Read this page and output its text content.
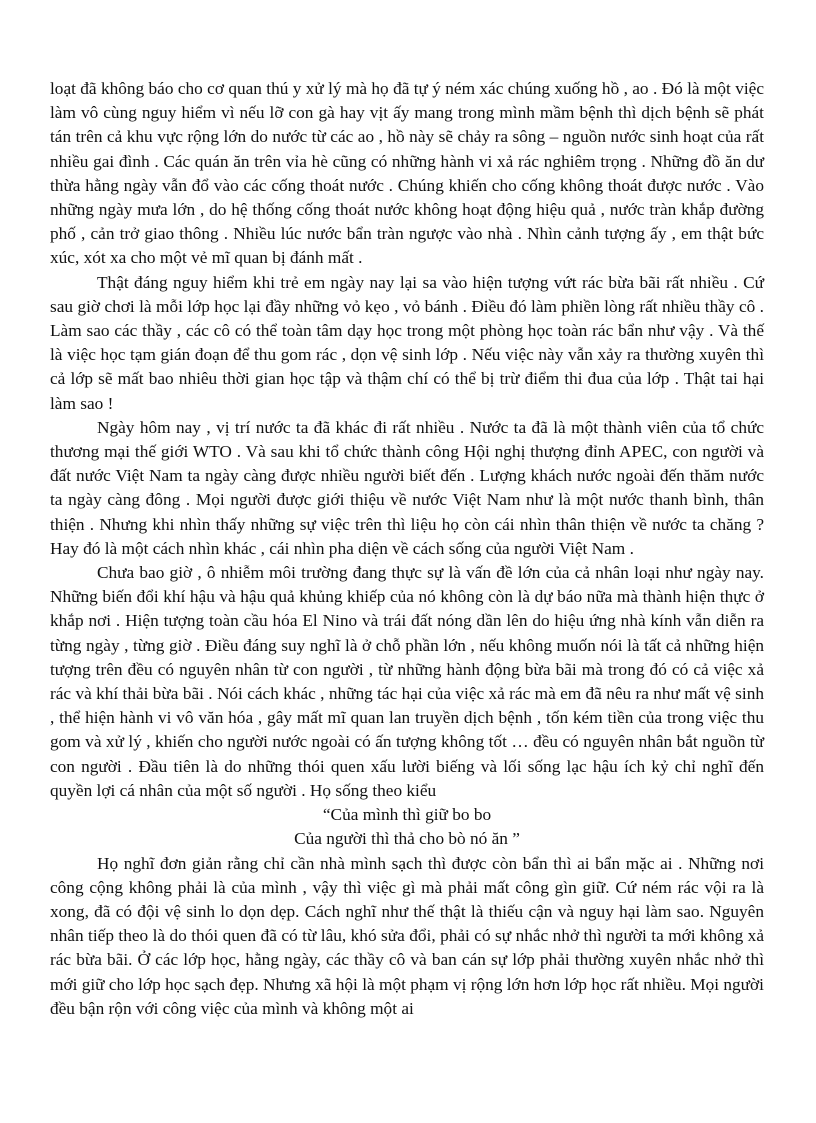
loạt đã không báo cho cơ quan thú y xử lý mà họ đã tự ý ném xác chúng xuống hồ , ao . Đó là một việc làm vô cùng nguy hiểm vì nếu lỡ con gà hay vịt ấy mang trong mình mầm bệnh thì dịch bệnh sẽ phát tán trên cả khu vực rộng lớn do nước từ các ao , hồ này sẽ chảy ra sông – nguồn nước sinh hoạt của rất nhiều gai đình . Các quán ăn trên vỉa hè cũng có những hành vi xả rác nghiêm trọng . Những đồ ăn dư thừa hằng ngày vẫn đổ vào các cống thoát nước . Chúng khiến cho cống không thoát được nước . Vào những ngày mưa lớn , do hệ thống cống thoát nước không hoạt động hiệu quả , nước tràn khắp đường phố , cản trở giao thông . Nhiều lúc nước bẩn tràn ngược vào nhà . Nhìn cảnh tượng ấy , em thật bức xúc, xót xa cho một vẻ mĩ quan bị đánh mất .

Thật đáng nguy hiểm khi trẻ em ngày nay lại sa vào hiện tượng vứt rác bừa bãi rất nhiều . Cứ sau giờ chơi là mỗi lớp học lại đầy những vỏ kẹo , vỏ bánh . Điều đó làm phiền lòng rất nhiều thầy cô . Làm sao các thầy , các cô có thể toàn tâm dạy học trong một phòng học toàn rác bẩn như vậy . Và thế là việc học tạm gián đoạn để thu gom rác , dọn vệ sinh lớp . Nếu việc này vẫn xảy ra thường xuyên thì cả lớp sẽ mất bao nhiêu thời gian học tập và thậm chí có thể bị trừ điểm thi đua của lớp . Thật tai hại làm sao !

Ngày hôm nay , vị trí nước ta đã khác đi rất nhiều . Nước ta đã là một thành viên của tổ chức thương mại thế giới WTO . Và sau khi tổ chức thành công Hội nghị thượng đỉnh APEC, con người và đất nước Việt Nam ta ngày càng được nhiều người biết đến . Lượng khách nước ngoài đến thăm nước ta ngày càng đông . Mọi người được giới thiệu về nước Việt Nam như là một nước thanh bình, thân thiện . Nhưng khi nhìn thấy những sự việc trên thì liệu họ còn cái nhìn thân thiện về nước ta chăng ? Hay đó là một cách nhìn khác , cái nhìn pha diện về cách sống của người Việt Nam .

Chưa bao giờ , ô nhiễm môi trường đang thực sự là vấn đề lớn của cả nhân loại như ngày nay. Những biến đổi khí hậu và hậu quả khủng khiếp của nó không còn là dự báo nữa mà thành hiện thực ở khắp nơi . Hiện tượng toàn cầu hóa El Nino và trái đất nóng dần lên do hiệu ứng nhà kính vẫn diễn ra từng ngày , từng giờ . Điều đáng suy nghĩ là ở chỗ phần lớn , nếu không muốn nói là tất cả những hiện tượng trên đều có nguyên nhân từ con người , từ những hành động bừa bãi mà trong đó có cả việc xả rác và khí thải bừa bãi . Nói cách khác , những tác hại của việc xả rác mà em đã nêu ra như mất vệ sinh , thể hiện hành vi vô văn hóa , gây mất mĩ quan lan truyền dịch bệnh , tốn kém tiền của trong việc thu gom và xử lý , khiến cho người nước ngoài có ấn tượng không tốt … đều có nguyên nhân bắt nguồn từ con người . Đầu tiên là do những thói quen xấu lười biếng và lối sống lạc hậu ích kỷ chỉ nghĩ đến quyền lợi cá nhân của một số người . Họ sống theo kiểu

“Của mình thì giữ bo bo

Của người thì thả cho bò nó ăn ”

Họ nghĩ đơn giản rằng chỉ cần nhà mình sạch thì được còn bẩn thì ai bẩn mặc ai . Những nơi công cộng không phải là của mình , vậy thì việc gì mà phải mất công gìn giữ. Cứ ném rác vội ra là xong, đã có đội vệ sinh lo dọn dẹp. Cách nghĩ như thế thật là thiếu cận và nguy hại làm sao. Nguyên nhân tiếp theo là do thói quen đã có từ lâu, khó sửa đổi, phải có sự nhắc nhở thì người ta mới không xả rác bừa bãi. Ở các lớp học, hằng ngày, các thầy cô và ban cán sự lớp phải thường xuyên nhắc nhở thì mới giữ cho lớp học sạch đẹp. Nhưng xã hội là một phạm vị rộng lớn hơn lớp học rất nhiều. Mọi người đều bận rộn với công việc của mình và không một ai
